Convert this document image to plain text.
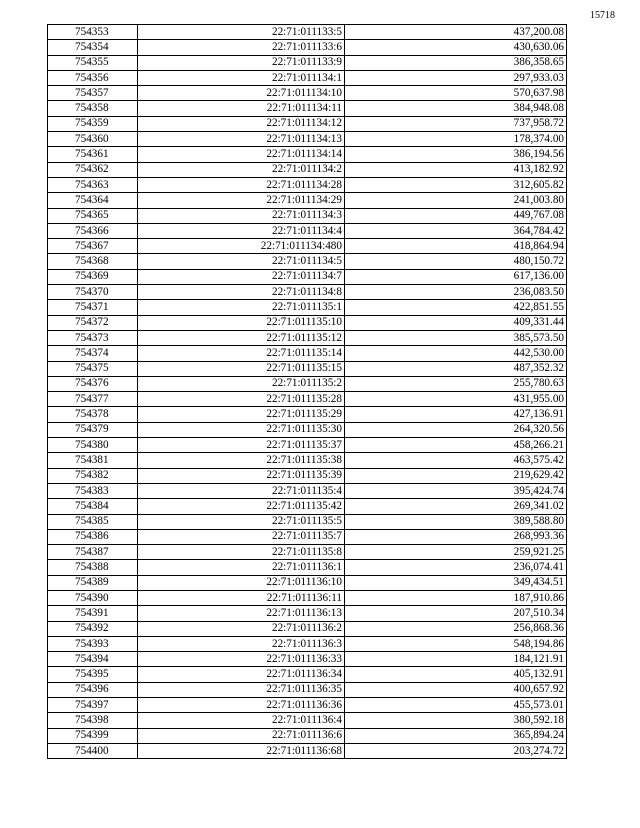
15718
754353	22:71:011133:5	437,200.08
754354	22:71:011133:6	430,630.06
754355	22:71:011133:9	386,358.65
754356	22:71:011134:1	297,933.03
754357	22:71:011134:10	570,637.98
754358	22:71:011134:11	384,948.08
754359	22:71:011134:12	737,958.72
754360	22:71:011134:13	178,374.00
754361	22:71:011134:14	386,194.56
754362	22:71:011134:2	413,182.92
754363	22:71:011134:28	312,605.82
754364	22:71:011134:29	241,003.80
754365	22:71:011134:3	449,767.08
754366	22:71:011134:4	364,784.42
754367	22:71:011134:480	418,864.94
754368	22:71:011134:5	480,150.72
754369	22:71:011134:7	617,136.00
754370	22:71:011134:8	236,083.50
754371	22:71:011135:1	422,851.55
754372	22:71:011135:10	409,331.44
754373	22:71:011135:12	385,573.50
754374	22:71:011135:14	442,530.00
754375	22:71:011135:15	487,352.32
754376	22:71:011135:2	255,780.63
754377	22:71:011135:28	431,955.00
754378	22:71:011135:29	427,136.91
754379	22:71:011135:30	264,320.56
754380	22:71:011135:37	458,266.21
754381	22:71:011135:38	463,575.42
754382	22:71:011135:39	219,629.42
754383	22:71:011135:4	395,424.74
754384	22:71:011135:42	269,341.02
754385	22:71:011135:5	389,588.80
754386	22:71:011135:7	268,993.36
754387	22:71:011135:8	259,921.25
754388	22:71:011136:1	236,074.41
754389	22:71:011136:10	349,434.51
754390	22:71:011136:11	187,910.86
754391	22:71:011136:13	207,510.34
754392	22:71:011136:2	256,868.36
754393	22:71:011136:3	548,194.86
754394	22:71:011136:33	184,121.91
754395	22:71:011136:34	405,132.91
754396	22:71:011136:35	400,657.92
754397	22:71:011136:36	455,573.01
754398	22:71:011136:4	380,592.18
754399	22:71:011136:6	365,894.24
754400	22:71:011136:68	203,274.72
